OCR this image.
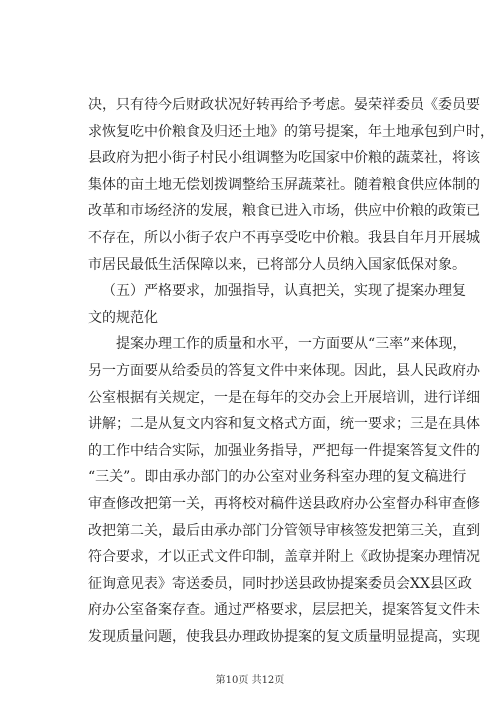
决，只有待今后财政状况好转再给予考虑。晏荣祥委员《委员要
求恢复吃中价粮食及归还土地》的第号提案，年土地承包到户时，
县政府为把小街子村民小组调整为吃国家中价粮的蔬菜社，将该
集体的亩土地无偿划拨调整给玉屏蔬菜社。随着粮食供应体制的
改革和市场经济的发展，粮食已进入市场，供应中价粮的政策已
不存在，所以小街子农户不再享受吃中价粮。我县自年月开展城
市居民最低生活保障以来，已将部分人员纳入国家低保对象。
（五）严格要求，加强指导，认真把关，实现了提案办理复
文的规范化
提案办理工作的质量和水平，一方面要从“三率”来体现，
另一方面要从给委员的答复文件中来体现。因此，县人民政府办
公室根据有关规定，一是在每年的交办会上开展培训，进行详细
讲解；二是从复文内容和复文格式方面，统一要求；三是在具体
的工作中结合实际，加强业务指导，严把每一件提案答复文件的
“三关”。即由承办部门的办公室对业务科室办理的复文稿进行
审查修改把第一关，再将校对稿件送县政府办公室督办科审查修
改把第二关，最后由承办部门分管领导审核签发把第三关，直到
符合要求，才以正式文件印制，盖章并附上《政协提案办理情况
征询意见表》寄送委员，同时抄送县政协提案委员会XX县区政
府办公室备案存查。通过严格要求，层层把关，提案答复文件未
发现质量问题，使我县办理政协提案的复文质量明显提高，实现
第10页 共12页
